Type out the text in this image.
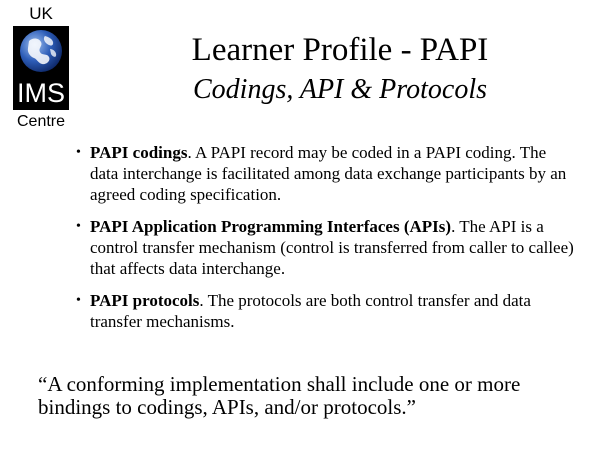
UK
IMS
Centre
Learner Profile - PAPI
Codings, API & Protocols
• PAPI codings. A PAPI record may be coded in a PAPI coding. The data interchange is facilitated among data exchange participants by an agreed coding specification.
• PAPI Application Programming Interfaces (APIs). The API is a control transfer mechanism (control is transferred from caller to callee) that affects data interchange.
• PAPI protocols. The protocols are both control transfer and data transfer mechanisms.
“A conforming implementation shall include one or more bindings to codings, APIs, and/or protocols.”
